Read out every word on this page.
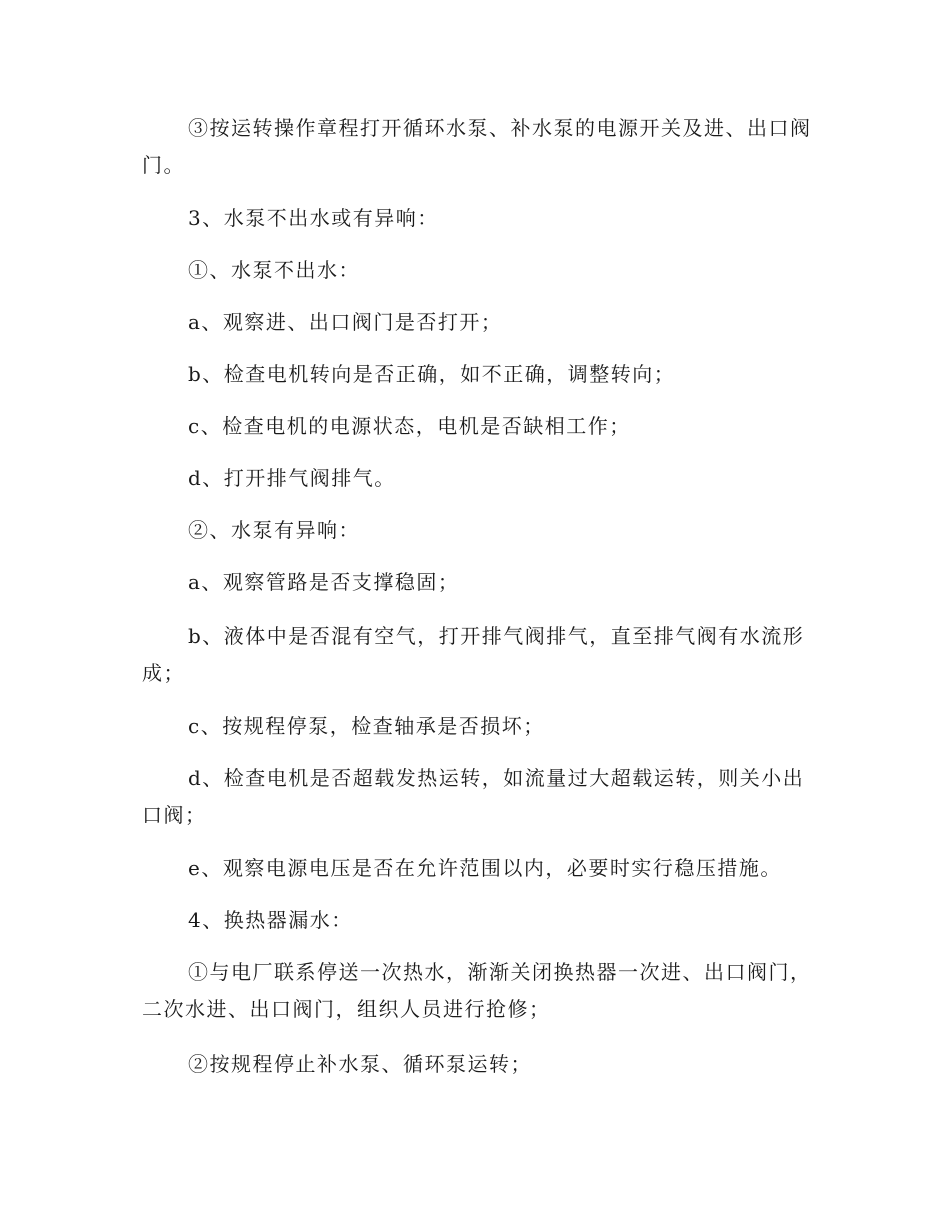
③按运转操作章程打开循环水泵、补水泵的电源开关及进、出口阀门。

3、水泵不出水或有异响：

①、水泵不出水：

a、观察进、出口阀门是否打开；

b、检查电机转向是否正确，如不正确，调整转向；

c、检查电机的电源状态，电机是否缺相工作；

d、打开排气阀排气。

②、水泵有异响：

a、观察管路是否支撑稳固；

b、液体中是否混有空气，打开排气阀排气，直至排气阀有水流形成；

c、按规程停泵，检查轴承是否损坏；

d、检查电机是否超载发热运转，如流量过大超载运转，则关小出口阀；

e、观察电源电压是否在允许范围以内，必要时实行稳压措施。

4、换热器漏水：

①与电厂联系停送一次热水，渐渐关闭换热器一次进、出口阀门，二次水进、出口阀门，组织人员进行抢修；

②按规程停止补水泵、循环泵运转；
